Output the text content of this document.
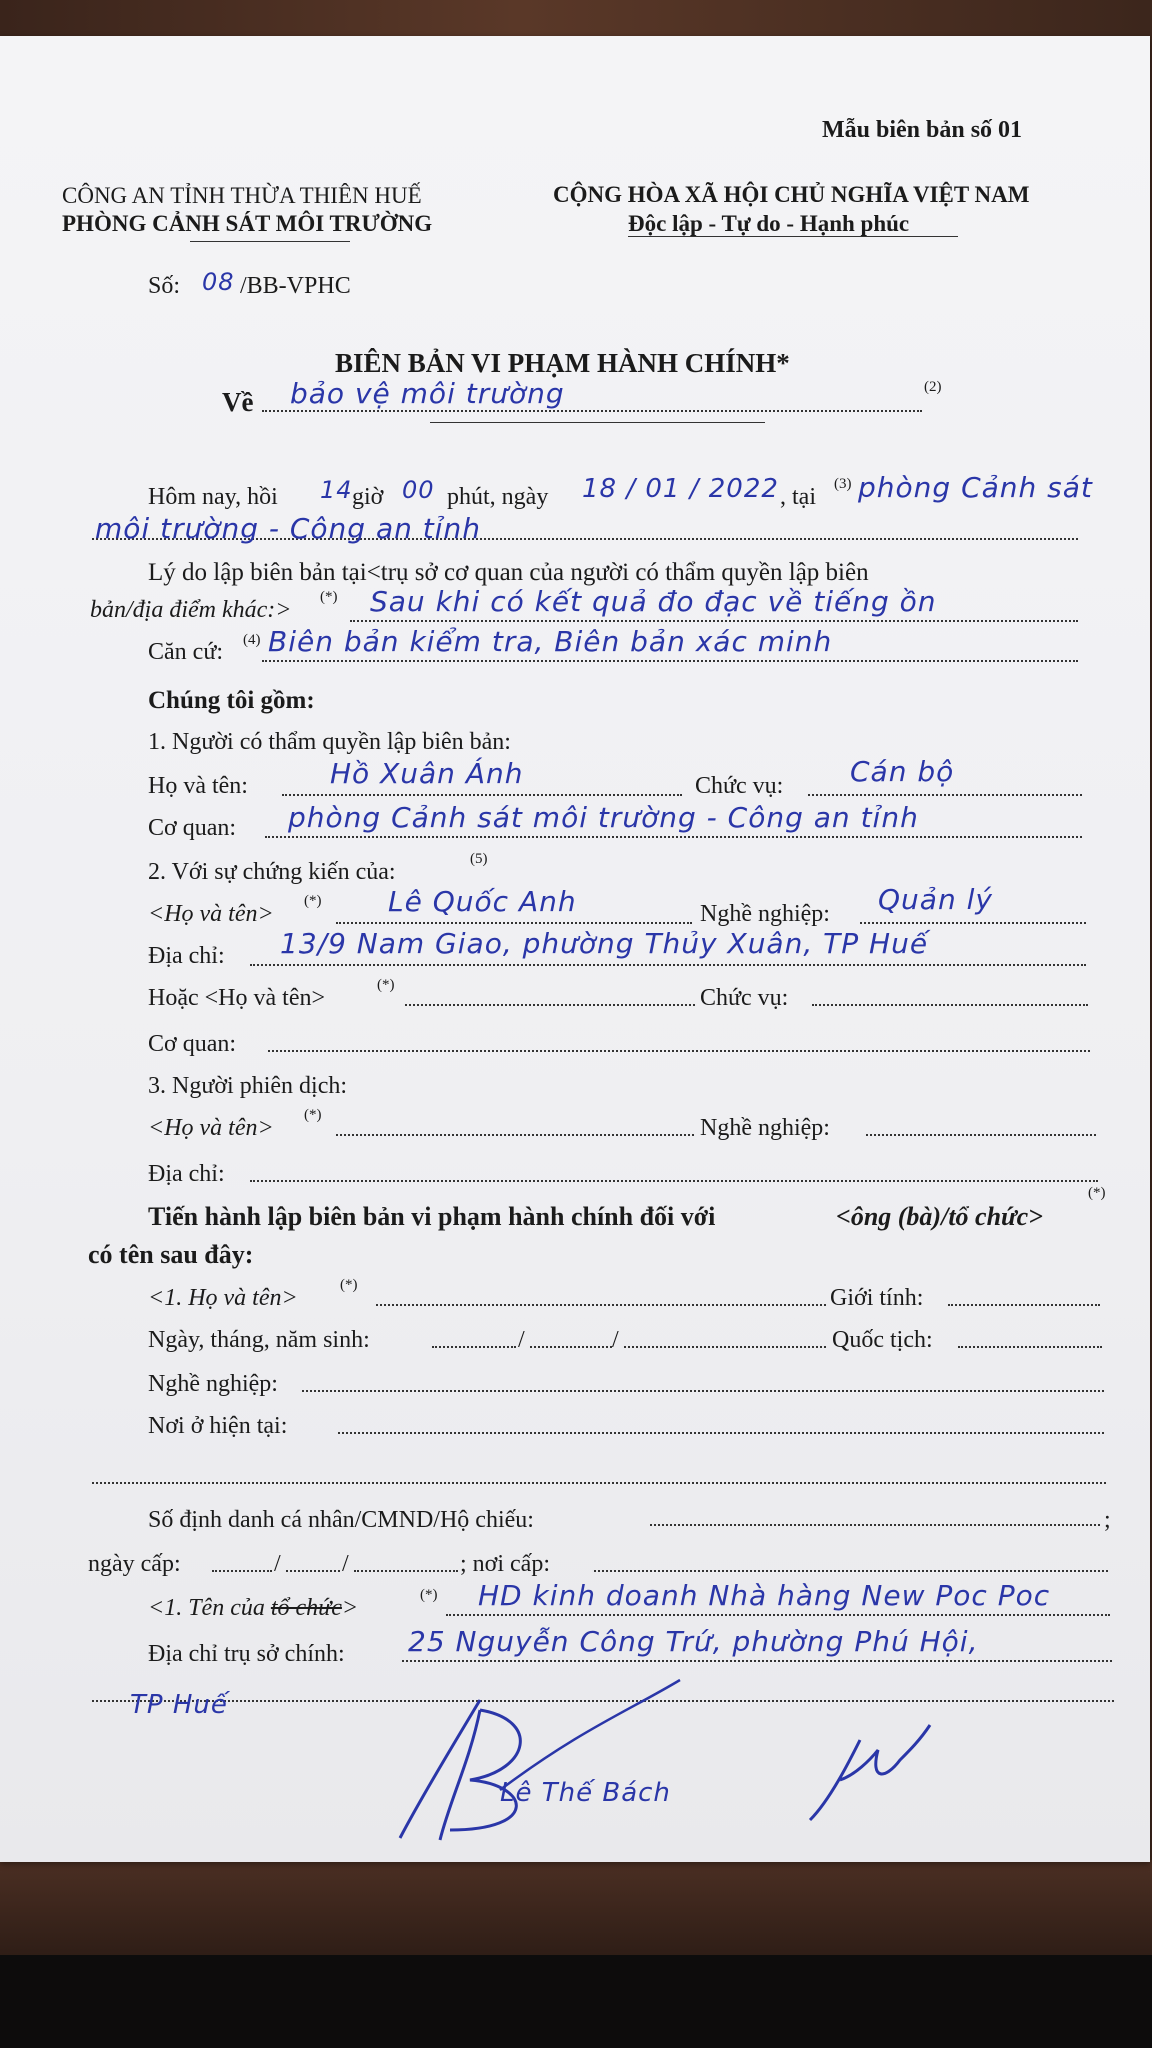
Mẫu biên bản số 01
CÔNG AN TỈNH THỪA THIÊN HUẾ
PHÒNG CẢNH SÁT MÔI TRƯỜNG
CỘNG HÒA XÃ HỘI CHỦ NGHĨA VIỆT NAM
Độc lập - Tự do - Hạnh phúc
Số: 08 /BB-VPHC
BIÊN BẢN VI PHẠM HÀNH CHÍNH*
Về bảo vệ môi trường	(2)
Hôm nay, hồi 14 giờ 00 phút, ngày 18 / 01 / 2022 , tại (3) phòng Cảnh sát
môi trường - Công an tỉnh
Lý do lập biên bản tại<trụ sở cơ quan của người có thẩm quyền lập biên
bản/địa điểm khác:> (*) Sau khi có kết quả đo đạc về tiếng ồn
Căn cứ: (4) Biên bản kiểm tra, Biên bản xác minh
Chúng tôi gồm:
1. Người có thẩm quyền lập biên bản:
Họ và tên:	Hồ Xuân Ánh	Chức vụ: Cán bộ
Cơ quan: phòng Cảnh sát môi trường - Công an tỉnh
2. Với sự chứng kiến của:	(5)
<Họ và tên> (*) Lê Quốc Anh	Nghề nghiệp: Quản lý
Địa chỉ: 13/9 Nam Giao, phường Thủy Xuân, TP Huế
Hoặc <Họ và tên>	(*)	Chức vụ:
Cơ quan:
3. Người phiên dịch:
<Họ và tên> (*)	Nghề nghiệp:
Địa chỉ:
Tiến hành lập biên bản vi phạm hành chính đối với	<ông (bà)/tổ chức>
(*)
có tên sau đây:
<1. Họ và tên>	(*)	Giới tính:
Ngày, tháng, năm sinh:	/	/	Quốc tịch:
Nghề nghiệp:
Nơi ở hiện tại:
Số định danh cá nhân/CMND/Hộ chiếu:	;
ngày cấp:	/	/	; nơi cấp:
<1. Tên của tổ chức>	(*) HD kinh doanh Nhà hàng New Poc Poc
Địa chỉ trụ sở chính: 25 Nguyễn Công Trứ, phường Phú Hội,
TP Huế
Lê Thế Bách
